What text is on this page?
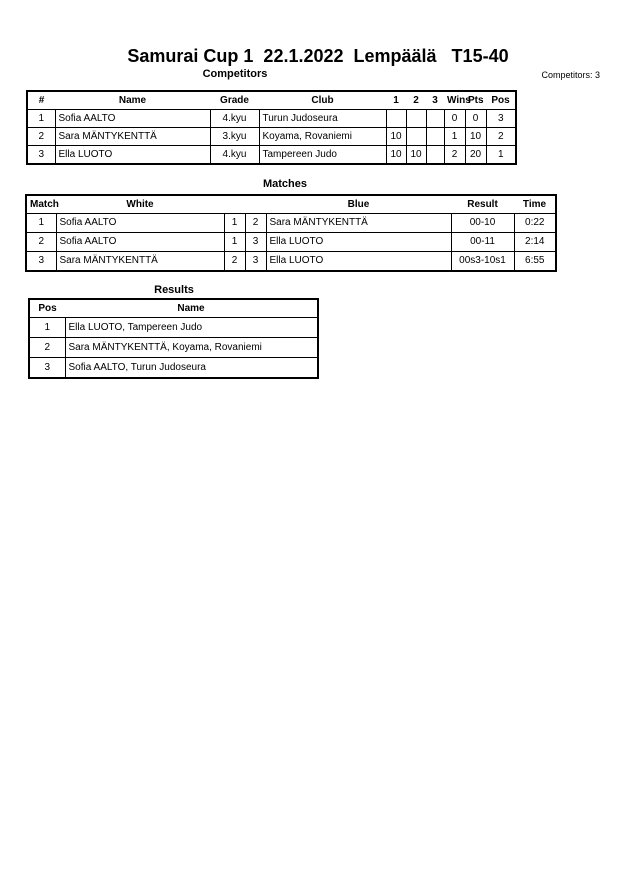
Samurai Cup 1  22.1.2022  Lempäälä   T15-40
Competitors	Competitors: 3
#	Name	Grade	Club	1	2	3	Wins	Pts	Pos
1	Sofia AALTO	4.kyu	Turun Judoseura				0	0	3
2	Sara MÄNTYKENTTÄ	3.kyu	Koyama, Rovaniemi	10			1	10	2
3	Ella LUOTO	4.kyu	Tampereen Judo	10	10		2	20	1
Matches
Match	White			Blue	Result	Time
1	Sofia AALTO	1	2	Sara MÄNTYKENTTÄ	00-10	0:22
2	Sofia AALTO	1	3	Ella LUOTO	00-11	2:14
3	Sara MÄNTYKENTTÄ	2	3	Ella LUOTO	00s3-10s1	6:55
Results
Pos	Name
1	Ella LUOTO, Tampereen Judo
2	Sara MÄNTYKENTTÄ, Koyama, Rovaniemi
3	Sofia AALTO, Turun Judoseura
